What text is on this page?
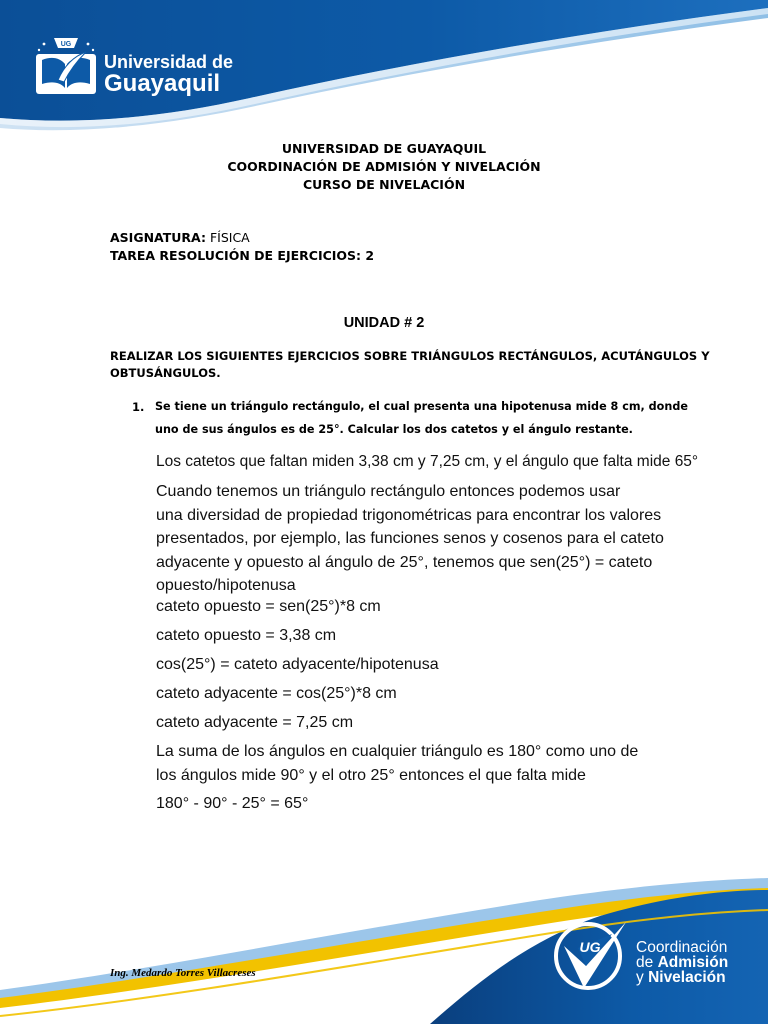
UG
Universidad de
Guayaquil
UNIVERSIDAD DE GUAYAQUIL
COORDINACIÓN DE ADMISIÓN Y NIVELACIÓN
CURSO DE NIVELACIÓN
ASIGNATURA: FÍSICA
TAREA RESOLUCIÓN DE EJERCICIOS: 2
UNIDAD # 2
REALIZAR LOS SIGUIENTES EJERCICIOS SOBRE TRIÁNGULOS RECTÁNGULOS, ACUTÁNGULOS Y
OBTUSÁNGULOS.
1. Se tiene un triángulo rectángulo, el cual presenta una hipotenusa mide 8 cm, donde
uno de sus ángulos es de 25°. Calcular los dos catetos y el ángulo restante.
Los catetos que faltan miden 3,38 cm y 7,25 cm, y el ángulo que falta mide 65°
Cuando tenemos un triángulo rectángulo entonces podemos usar
una diversidad de propiedad trigonométricas para encontrar los valores
presentados, por ejemplo, las funciones senos y cosenos para el cateto
adyacente y opuesto al ángulo de 25°, tenemos que sen(25°) = cateto
opuesto/hipotenusa
cateto opuesto = sen(25°)*8 cm
cateto opuesto = 3,38 cm
cos(25°) = cateto adyacente/hipotenusa
cateto adyacente = cos(25°)*8 cm
cateto adyacente = 7,25 cm
La suma de los ángulos en cualquier triángulo es 180° como uno de
los ángulos mide 90° y el otro 25° entonces el que falta mide
180° - 90° - 25° = 65°
UG Coordinación
de Admisión
y Nivelación
Ing. Medardo Torres Villacreses
